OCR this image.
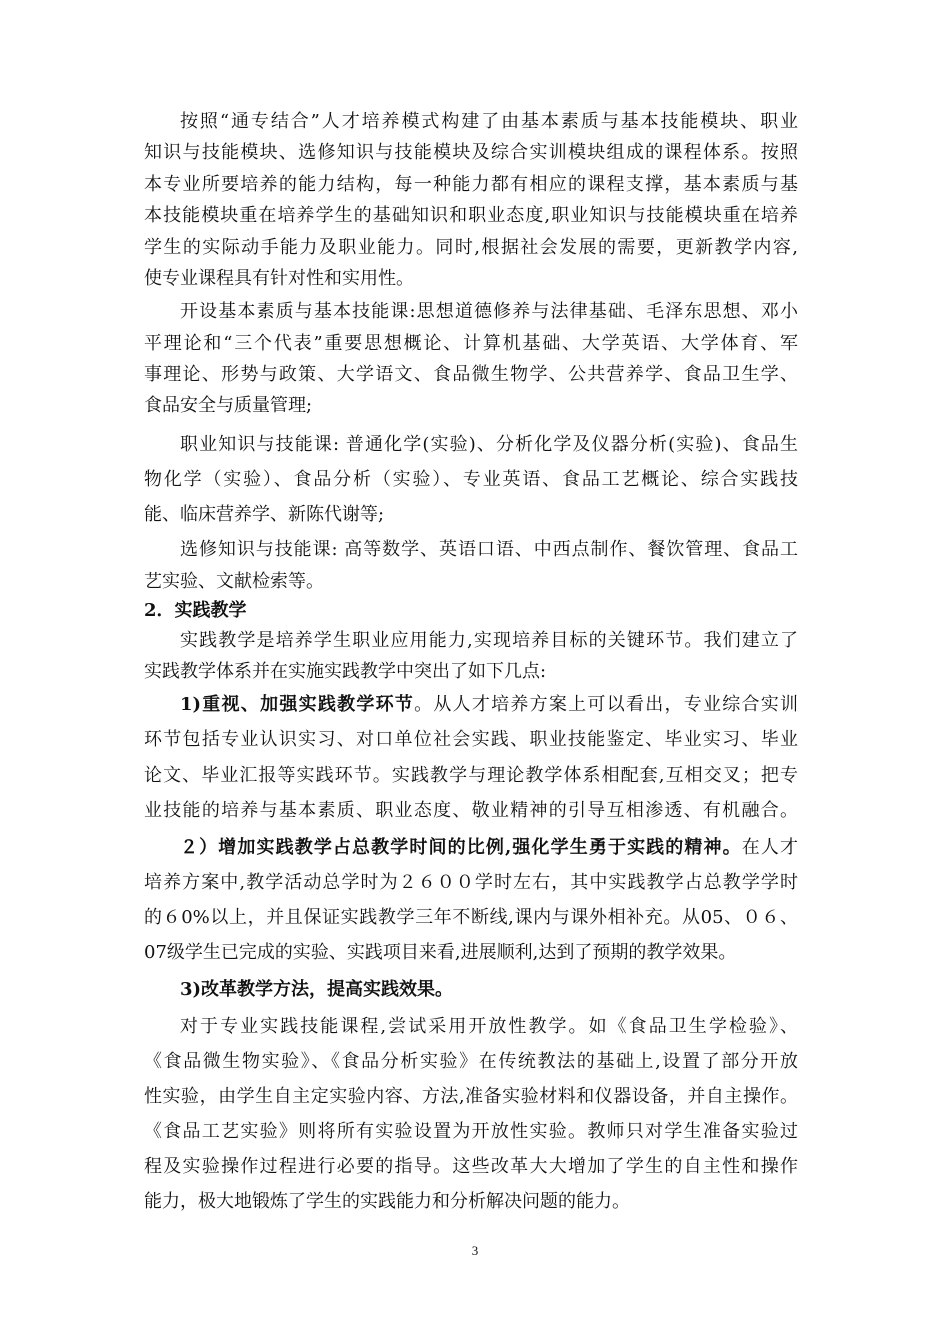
按照“通专结合”人才培养模式构建了由基本素质与基本技能模块、职业
知识与技能模块、选修知识与技能模块及综合实训模块组成的课程体系。按照
本专业所要培养的能力结构，每一种能力都有相应的课程支撑，基本素质与基
本技能模块重在培养学生的基础知识和职业态度,职业知识与技能模块重在培养
学生的实际动手能力及职业能力。同时,根据社会发展的需要，更新教学内容,
使专业课程具有针对性和实用性。
开设基本素质与基本技能课:思想道德修养与法律基础、毛泽东思想、邓小
平理论和“三个代表”重要思想概论、计算机基础、大学英语、大学体育、军
事理论、形势与政策、大学语文、食品微生物学、公共营养学、食品卫生学、
食品安全与质量管理;
职业知识与技能课: 普通化学(实验)、分析化学及仪器分析(实验)、食品生
物化学（实验）、食品分析（实验）、专业英语、食品工艺概论、综合实践技
能、临床营养学、新陈代谢等;
选修知识与技能课: 高等数学、英语口语、中西点制作、餐饮管理、食品工
艺实验、文献检索等。
2．实践教学
实践教学是培养学生职业应用能力,实现培养目标的关键环节。我们建立了
实践教学体系并在实施实践教学中突出了如下几点:
1)重视、加强实践教学环节。从人才培养方案上可以看出，专业综合实训
环节包括专业认识实习、对口单位社会实践、职业技能鉴定、毕业实习、毕业
论文、毕业汇报等实践环节。实践教学与理论教学体系相配套,互相交叉；把专
业技能的培养与基本素质、职业态度、敬业精神的引导互相渗透、有机融合。
２）增加实践教学占总教学时间的比例,强化学生勇于实践的精神。在人才
培养方案中,教学活动总学时为２６００学时左右，其中实践教学占总教学学时
的６0%以上，并且保证实践教学三年不断线,课内与课外相补充。从05、０６、
07级学生已完成的实验、实践项目来看,进展顺利,达到了预期的教学效果。
3)改革教学方法，提高实践效果。
对于专业实践技能课程,尝试采用开放性教学。如《食品卫生学检验》、
《食品微生物实验》、《食品分析实验》在传统教法的基础上,设置了部分开放
性实验，由学生自主定实验内容、方法,准备实验材料和仪器设备，并自主操作。
《食品工艺实验》则将所有实验设置为开放性实验。教师只对学生准备实验过
程及实验操作过程进行必要的指导。这些改革大大增加了学生的自主性和操作
能力，极大地锻炼了学生的实践能力和分析解决问题的能力。
3
